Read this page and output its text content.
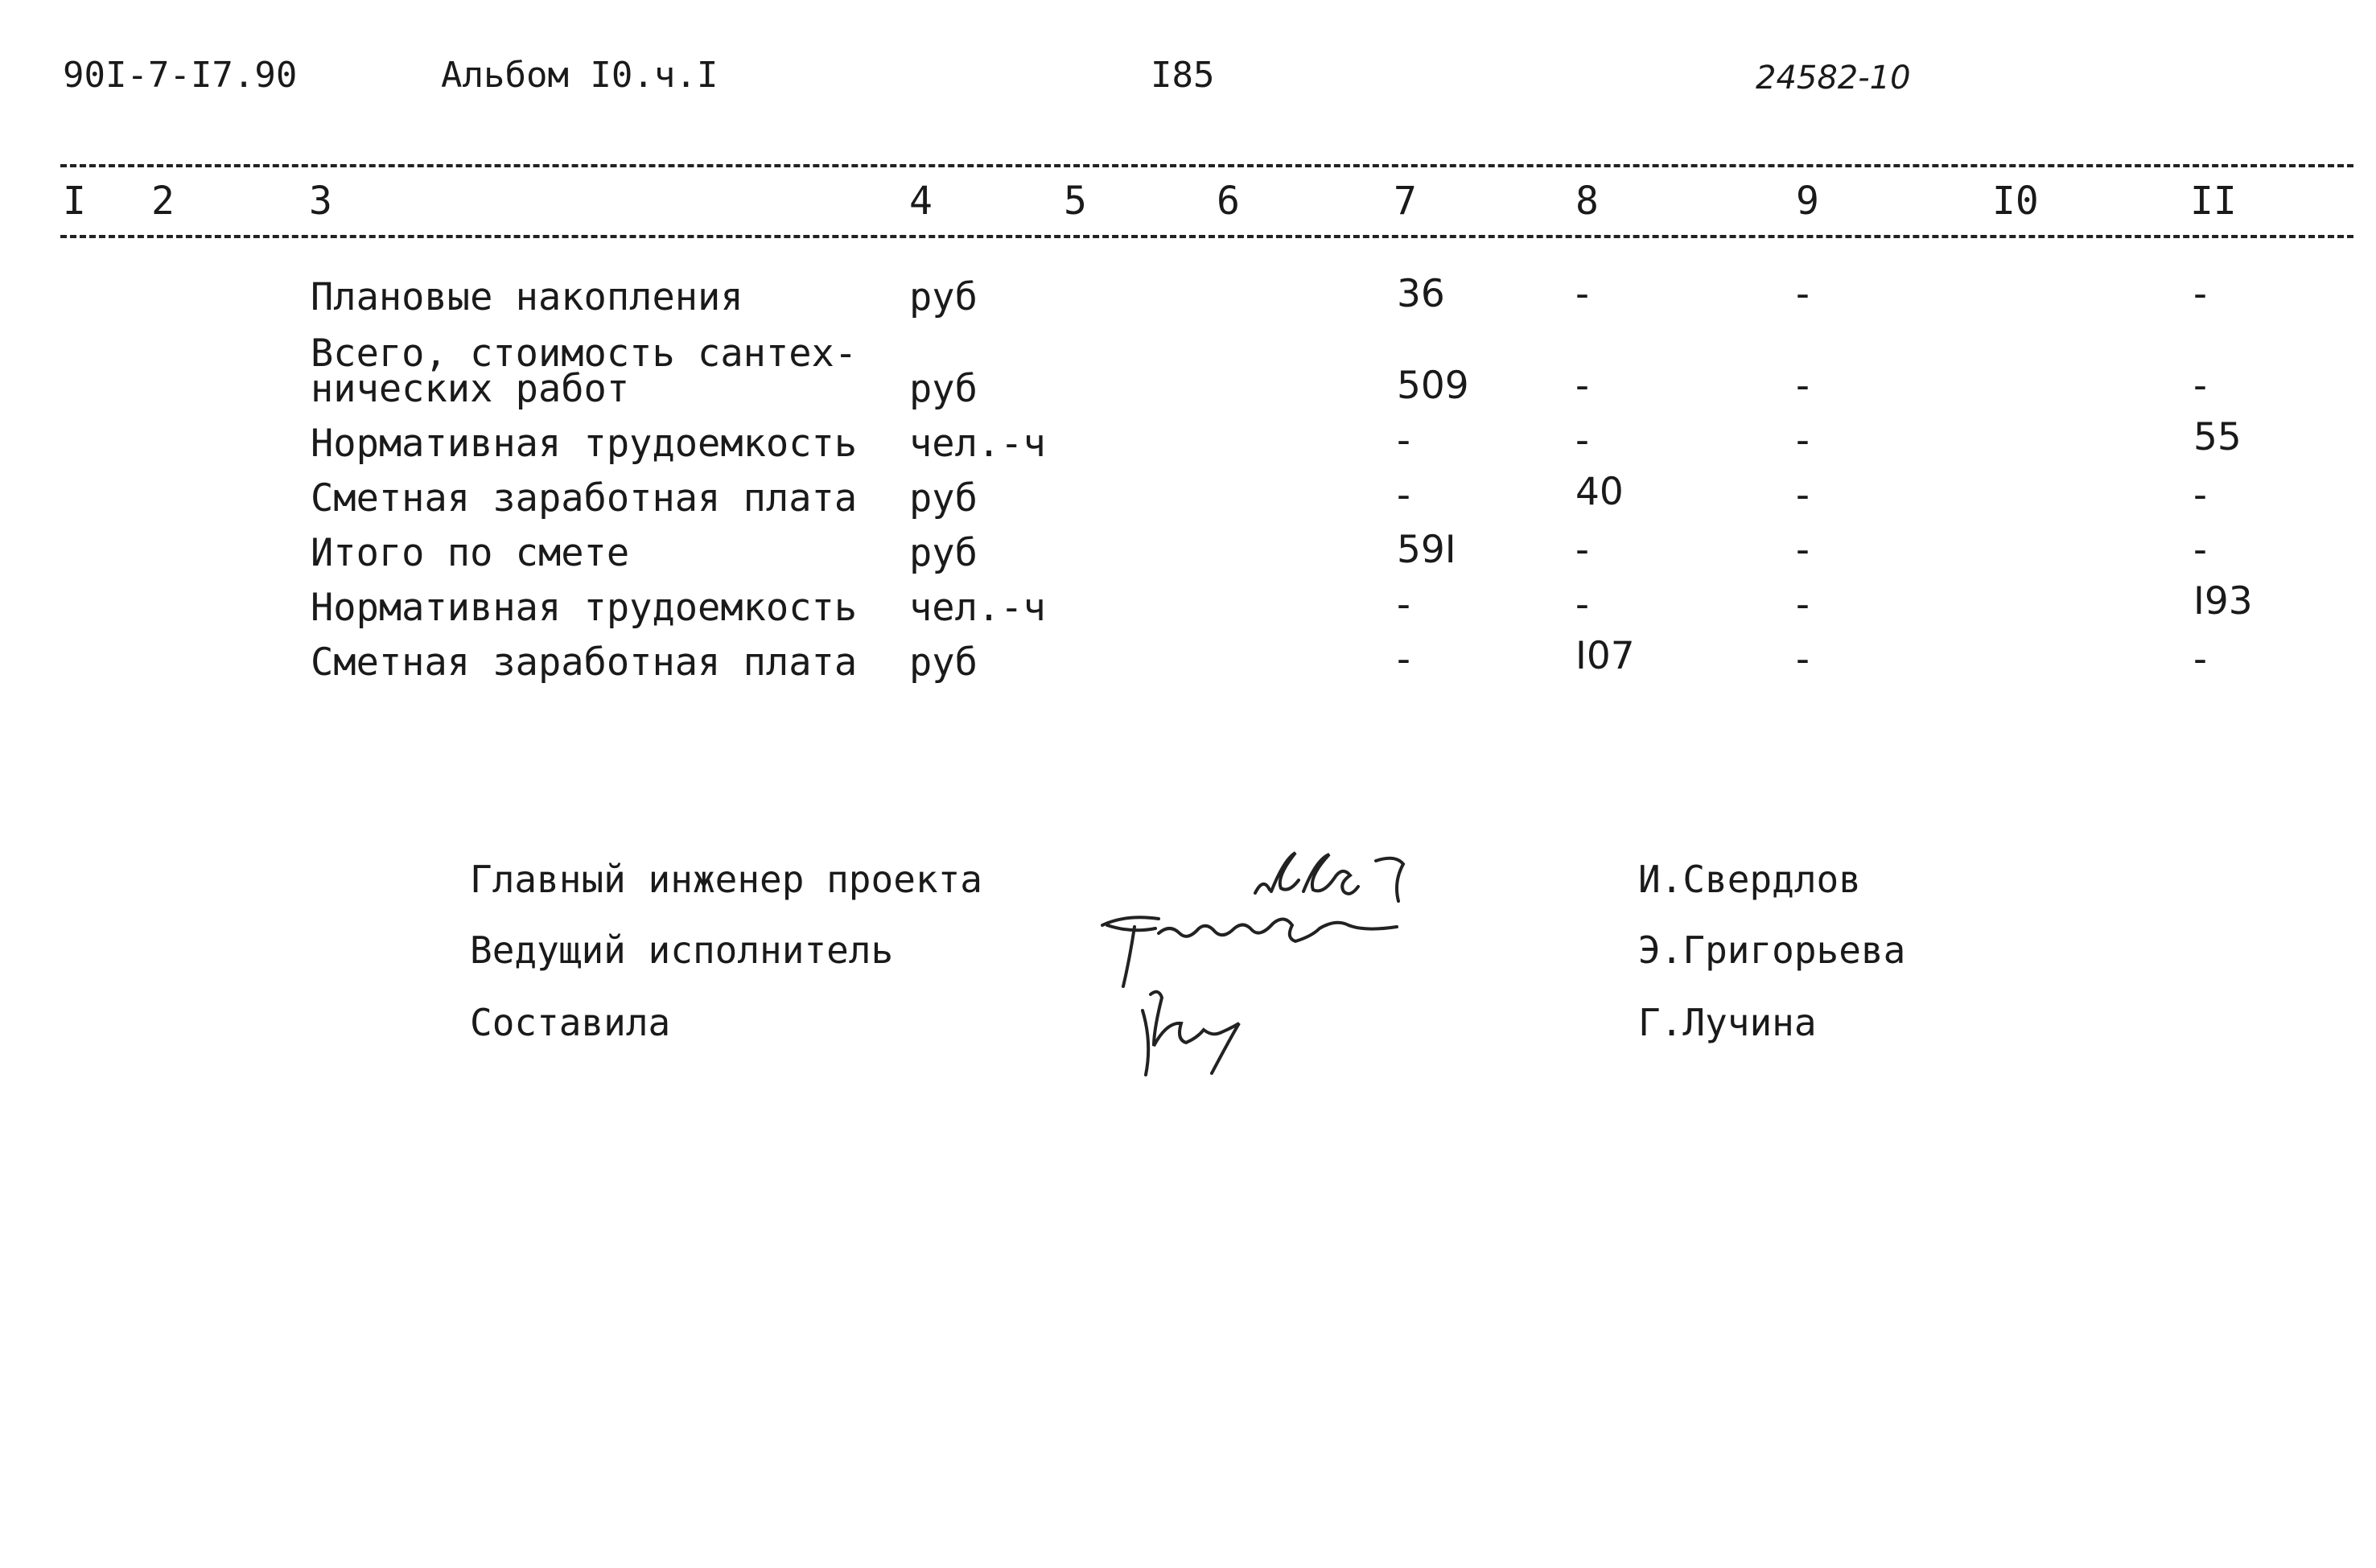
90I-7-I7.90	Альбом I0.ч.I	I85	24582-10
I 2	3	4	5	6	7	8	9	I0	II
Плановые накопления	руб	36	-	-	-
Всего, стоимость сантех-
нических работ	руб	509	-	-	-
Нормативная трудоемкость чел.-ч	-	-	-	55
Сметная заработная плата руб	-	40	-	-
Итого по смете	руб	59I	-	-	-
Нормативная трудоемкость чел.-ч	-	-	-	I93
Сметная заработная плата руб	-	I07	-	-
Главный инженер проекта	И.Свердлов
Ведущий исполнитель	Э.Григорьева
Составила	Г.Лучина
